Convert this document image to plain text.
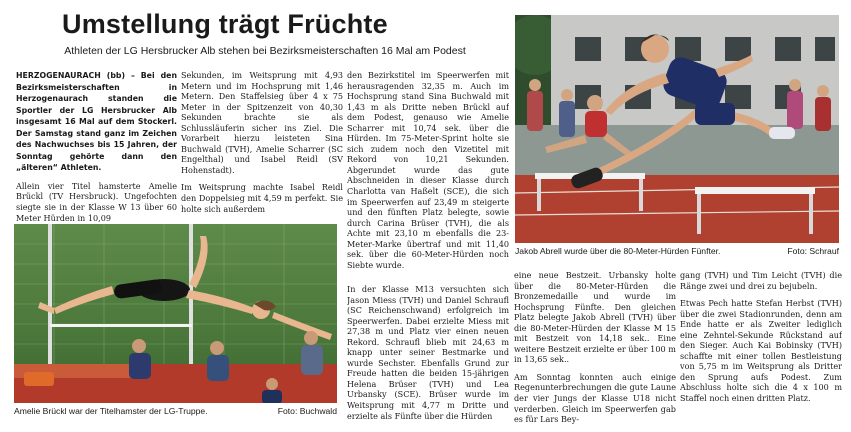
Umstellung trägt Früchte
Athleten der LG Hersbrucker Alb stehen bei Bezirksmeisterschaften 16 Mal am Podest

HERZOGENAURACH (bb) – Bei den Bezirksmeisterschaften in Herzogenaurach standen die Sportler der LG Hersbrucker Alb insgesamt 16 Mal auf dem Stockerl. Der Samstag stand ganz im Zeichen des Nachwuchses bis 15 Jahren, der Sonntag gehörte dann den „älteren“ Athleten.

Allein vier Titel hamsterte Amelie Brückl (TV Hersbruck). Ungefochten siegte sie in der Klasse W 13 über 60 Meter Hürden in 10,09

Sekunden, im Weitsprung mit 4,93 Metern und im Hochsprung mit 1,46 Metern. Den Staffelsieg über 4 x 75 Meter in der Spitzenzeit von 40,30 Sekunden brachte sie als Schlussläuferin sicher ins Ziel. Die Vorarbeit hierzu leisteten Sina Buchwald (TVH), Amelie Scharrer (SC Engelthal) und Isabel Reidl (SV Hohenstadt).

Im Weitsprung machte Isabel Reidl den Doppelsieg mit 4,59 m perfekt. Sie holte sich außerdem

den Bezirkstitel im Speerwerfen mit herausragenden 32,35 m. Auch im Hochsprung stand Sina Buchwald mit 1,43 m als Dritte neben Brückl auf dem Podest, genauso wie Amelie Scharrer mit 10,74 sek. über die Hürden. Im 75-Meter-Sprint holte sie sich zudem noch den Vizetitel mit Rekord von 10,21 Sekunden. Abgerundet wurde das gute Abschneiden in dieser Klasse durch Charlotta van Haßelt (SCE), die sich im Speerwerfen auf 23,49 m steigerte und den fünften Platz belegte, sowie durch Carina Brüser (TVH), die als Achte mit 23,10 m ebenfalls die 23-Meter-Marke übertraf und mit 11,40 sek. über die 60-Meter-Hürden noch Siebte wurde.

In der Klasse M13 versuchten sich Jason Miess (TVH) und Daniel Schraufl (SC Reichenschwand) erfolgreich im Speerwerfen. Dabei erzielte Miess mit 27,38 m und Platz vier einen neuen Rekord. Schraufl blieb mit 24,63 m knapp unter seiner Bestmarke und wurde Sechster. Ebenfalls Grund zur Freude hatten die beiden 15-jährigen Helena Brüser (TVH) und Lea Urbansky (SCE). Brüser wurde im Weitsprung mit 4,77 m Dritte und erzielte als Fünfte über die Hürden

eine neue Bestzeit. Urbansky holte über die 80-Meter-Hürden die Bronzemedaille und wurde im Hochsprung Fünfte. Den gleichen Platz belegte Jakob Abrell (TVH) über die 80-Meter-Hürden der Klasse M 15 mit Bestzeit von 14,18 sek.. Eine weitere Bestzeit erzielte er über 100 m in 13,65 sek..

Am Sonntag konnten auch einige Regenunterbrechungen die gute Laune der vier Jungs der Klasse U18 nicht verderben. Gleich im Speerwerfen gab es für Lars Bey-

gang (TVH) und Tim Leicht (TVH) die Ränge zwei und drei zu bejubeln.

Etwas Pech hatte Stefan Herbst (TVH) über die zwei Stadionrunden, denn am Ende hatte er als Zweiter lediglich eine Zehntel-Sekunde Rückstand auf den Sieger. Auch Kai Bobinsky (TVH) schaffte mit einer tollen Bestleistung von 5,75 m im Weitsprung als Dritter den Sprung aufs Podest. Zum Abschluss holte sich die 4 x 100 m Staffel noch einen dritten Platz.

Amelie Brückl war der Titelhamster der LG-Truppe.	Foto: Buchwald
Jakob Abrell wurde über die 80-Meter-Hürden Fünfter.	Foto: Schrauf
